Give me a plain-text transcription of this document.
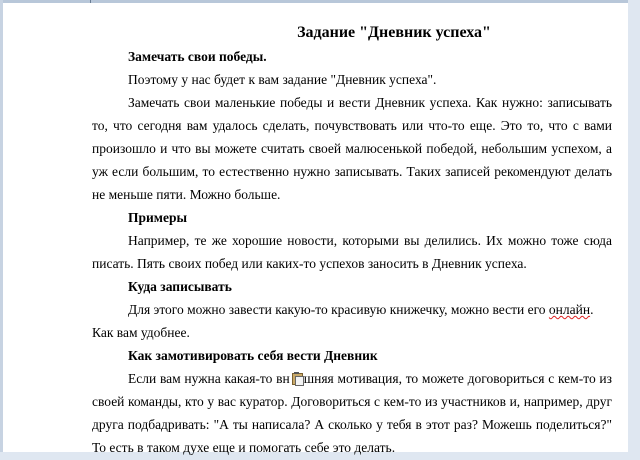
Задание "Дневник успеха"

Замечать свои победы.

Поэтому у нас будет к вам задание "Дневник успеха".

Замечать свои маленькие победы и вести Дневник успеха. Как нужно: записывать то, что сегодня вам удалось сделать, почувствовать или что-то еще. Это то, что с вами произошло и что вы можете считать своей малюсенькой победой, небольшим успехом, а уж если большим, то естественно нужно записывать. Таких записей рекомендуют делать не меньше пяти. Можно больше.

Примеры

Например, те же хорошие новости, которыми вы делились. Их можно тоже сюда писать. Пять своих побед или каких-то успехов заносить в Дневник успеха.

Куда записывать

Для этого можно завести какую-то красивую книжечку, можно вести его онлайн.

Как вам удобнее.

Как замотивировать себя вести Дневник

Если вам нужна какая-то вн шняя мотивация, то можете договориться с кем-то из своей команды, кто у вас куратор. Договориться с кем-то из участников и, например, друг друга подбадривать: "А ты написала? А сколько у тебя в этот раз? Можешь поделиться?" То есть в таком духе еще и помогать себе это делать.
